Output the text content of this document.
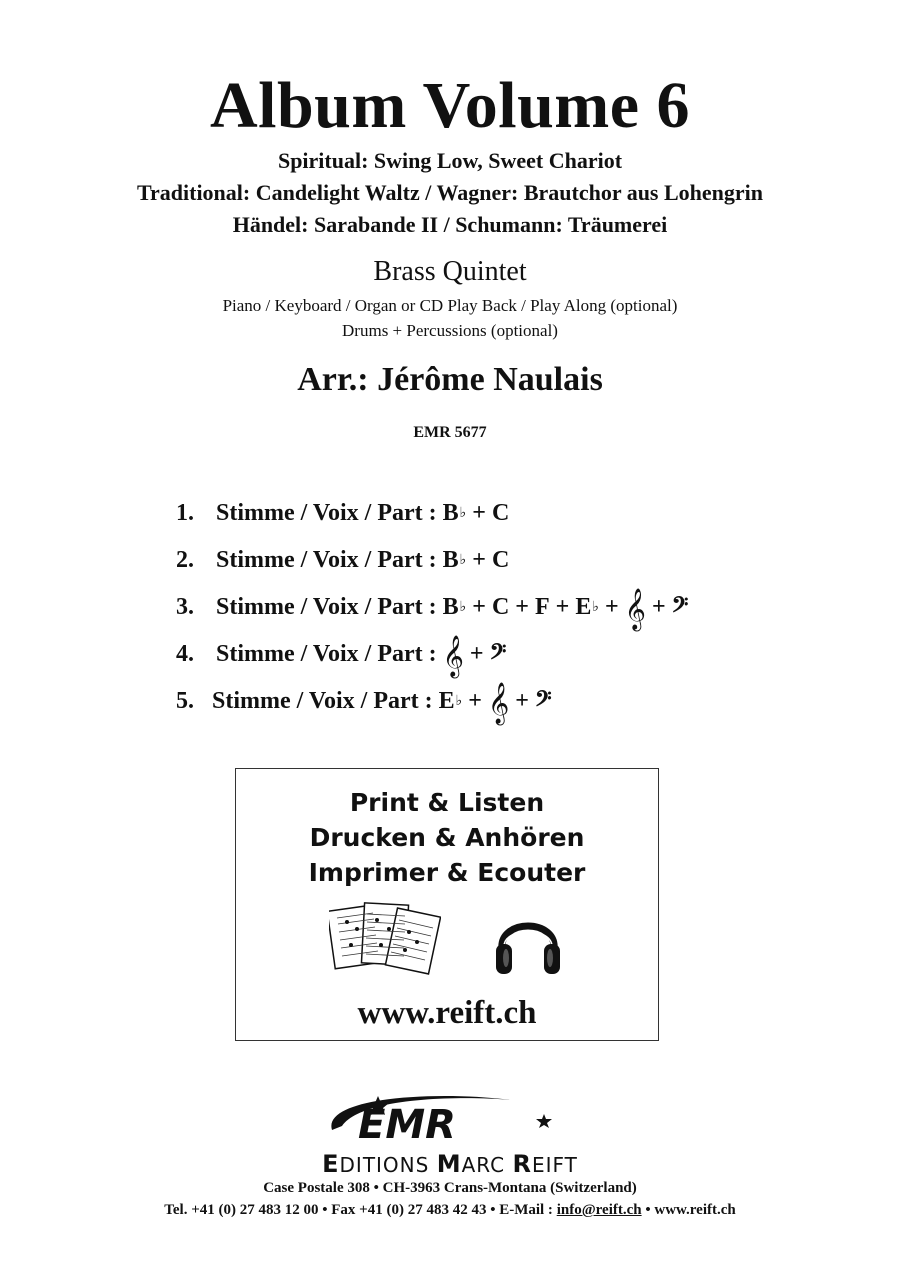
Album Volume 6
Spiritual: Swing Low, Sweet Chariot
Traditional: Candelight Waltz / Wagner: Brautchor aus Lohengrin
Händel: Sarabande II / Schumann: Träumerei
Brass Quintet
Piano / Keyboard / Organ or CD Play Back / Play Along (optional)
Drums + Percussions (optional)
Arr.: Jérôme Naulais
EMR 5677
1. Stimme / Voix / Part :
B ♭
+
C
2. Stimme / Voix / Part :
B ♭
+
C
3. Stimme / Voix / Part :
B ♭
+
C
+
F
+
E ♭
+
𝄞
+
𝄢
4. Stimme / Voix / Part :
𝄞
+
𝄢
5. Stimme / Voix / Part :
E ♭
+
𝄞
+
𝄢
Print & Listen
Drucken & Anhören
Imprimer & Ecouter
www.reift.ch
EMR
EDITIONS MARC REIFT
Case Postale 308 • CH-3963 Crans-Montana (Switzerland)
Tel. +41 (0) 27 483 12 00 • Fax +41 (0) 27 483 42 43 • E-Mail : info@reift.ch • www.reift.ch
